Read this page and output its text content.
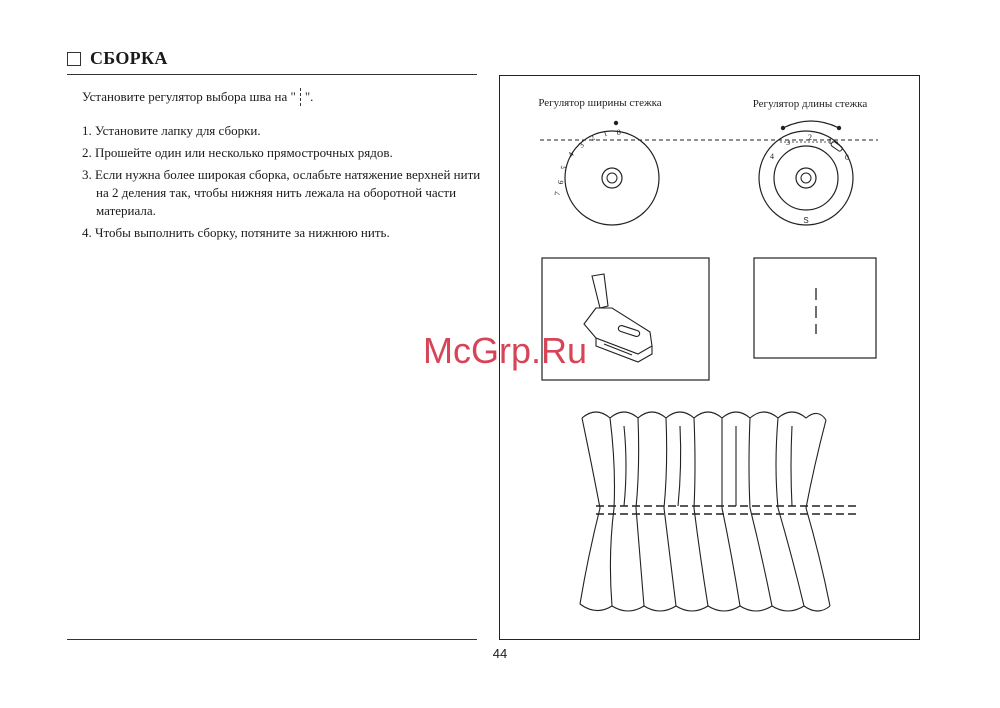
СБОРКА
Установите регулятор выбора шва на " ".
1. Установите лапку для сборки.
2. Прошейте один или несколько прямострочных рядов.
3. Если нужна более широкая сборка, ослабьте натяжение верхней нити на 2 деления так, чтобы нижняя нить лежала на оборотной части материала.
4. Чтобы выполнить сборку, потяните за нижнюю нить.
Регулятор ширины стежка	Регулятор длины стежка
7
6
5
4
3
2 1 0
4
3
2 1
0
S
McGrp.Ru
44
